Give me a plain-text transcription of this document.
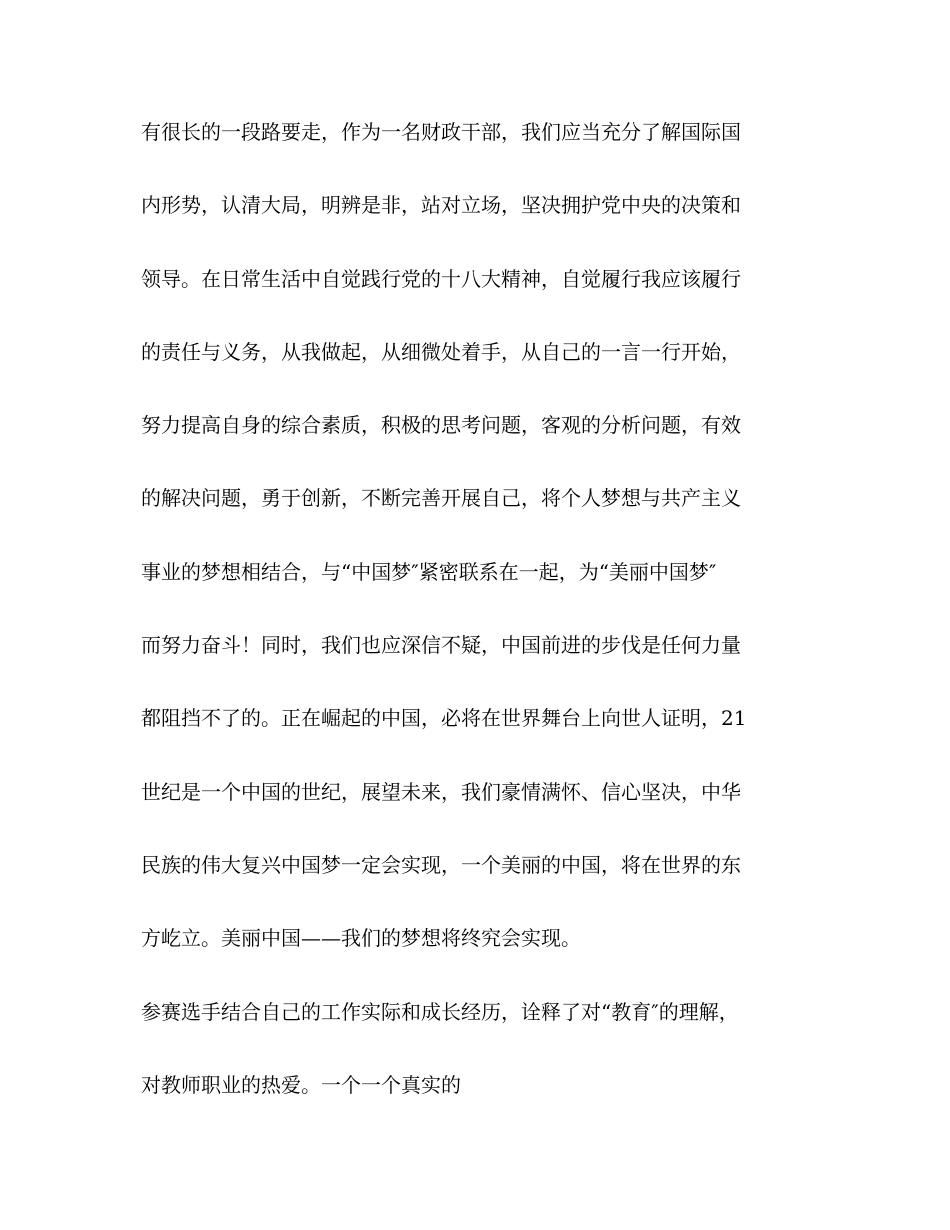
有很长的一段路要走，作为一名财政干部，我们应当充分了解国际国
内形势，认清大局，明辨是非，站对立场，坚决拥护党中央的决策和
领导。在日常生活中自觉践行党的十八大精神，自觉履行我应该履行
的责任与义务，从我做起，从细微处着手，从自己的一言一行开始，
努力提高自身的综合素质，积极的思考问题，客观的分析问题，有效
的解决问题，勇于创新，不断完善开展自己，将个人梦想与共产主义
事业的梦想相结合，与“中国梦″紧密联系在一起，为“美丽中国梦″
而努力奋斗！同时，我们也应深信不疑，中国前进的步伐是任何力量
都阻挡不了的。正在崛起的中国，必将在世界舞台上向世人证明，21
世纪是一个中国的世纪，展望未来，我们豪情满怀、信心坚决，中华
民族的伟大复兴中国梦一定会实现，一个美丽的中国，将在世界的东
方屹立。美丽中国——我们的梦想将终究会实现。
参赛选手结合自己的工作实际和成长经历，诠释了对“教育″的理解，
对教师职业的热爱。一个一个真实的
